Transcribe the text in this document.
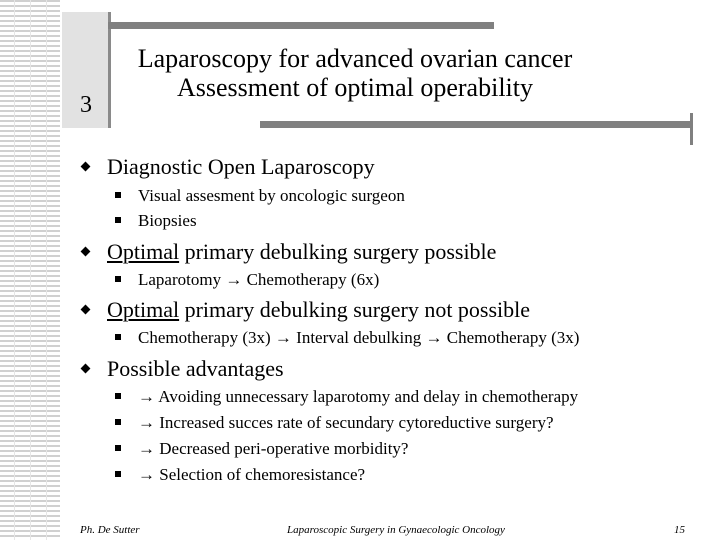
3
Laparoscopy for advanced ovarian cancer
Assessment of optimal operability
Diagnostic Open Laparoscopy
Visual assesment by oncologic surgeon
Biopsies
Optimal primary debulking surgery possible
Laparotomy → Chemotherapy (6x)
Optimal primary debulking surgery not possible
Chemotherapy (3x) → Interval debulking → Chemotherapy (3x)
Possible advantages
→ Avoiding unnecessary laparotomy and delay in chemotherapy
→ Increased succes rate of secundary cytoreductive surgery?
→ Decreased peri-operative morbidity?
→ Selection of chemoresistance?
Ph. De Sutter	Laparoscopic Surgery in Gynaecologic Oncology	15
